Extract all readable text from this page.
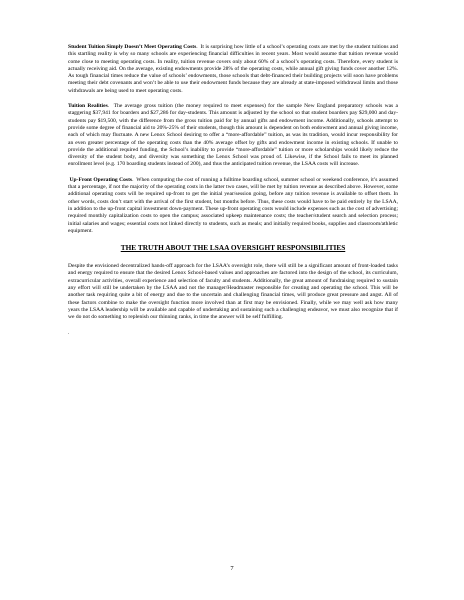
Student Tuition Simply Doesn’t Meet Operating Costs.  It is surprising how little of a school’s operating costs are met by the student tuitions and this startling reality is why so many schools are experiencing financial difficulties in recent years. Most would assume that tuition revenue would come close to meeting operating costs. In reality, tuition revenue covers only about 60% of a school’s operating costs. Therefore, every student is actually receiving aid. On the average, existing endowments provide 28% of the operating costs, while annual gift giving funds cover another 12%. As tough financial times reduce the value of schools’ endowments, those schools that debt-financed their building projects will soon have problems meeting their debt covenants and won’t be able to use their endowment funds because they are already at state-imposed withdrawal limits and those withdrawals are being used to meet operating costs.

Tuition Realities.  The average gross tuition (the money required to meet expenses) for the sample New England preparatory schools was a staggering $37,941 for boarders and $27,286 for day-students. This amount is adjusted by the school so that student boarders pay $29,000 and day-students pay $19,500, with the difference from the gross tuition paid for by annual gifts and endowment income. Additionally, schools attempt to provide some degree of financial aid to 20%-25% of their students, though this amount is dependent on both endowment and annual giving income, each of which may fluctuate. A new Lenox School desiring to offer a “more-affordable” tuition, as was its tradition, would incur responsibility for an even greater percentage of the operating costs than the 40% average offset by gifts and endowment income in existing schools. If unable to provide the additional required funding, the School’s inability to provide “more-affordable” tuition or more scholarships would likely reduce the diversity of the student body, and diversity was something the Lenox School was proud of. Likewise, if the School fails to meet its planned enrollment level (e.g. 170 boarding students instead of 200), and thus the anticipated tuition revenue, the LSAA costs will increase.

Up-Front Operating Costs.  When computing the cost of running a fulltime boarding school, summer school or weekend conference, it’s assumed that a percentage, if not the majority of the operating costs in the latter two cases, will be met by tuition revenue as described above. However, some additional operating costs will be required up-front to get the initial year/session going, before any tuition revenue is available to offset them. In other words, costs don’t start with the arrival of the first student, but months before. Thus, these costs would have to be paid entirely by the LSAA, in addition to the up-front capital investment down-payment. These up-front operating costs would include expenses such as the cost of advertising; required monthly capitalization costs to open the campus; associated upkeep maintenance costs; the teacher/student search and selection process; initial salaries and wages; essential costs not linked directly to students, such as meals; and initially required books, supplies and classroom/athletic equipment.

THE TRUTH ABOUT THE LSAA OVERSIGHT RESPONSIBILITIES

Despite the envisioned decentralized hands-off approach for the LSAA’s oversight role, there will still be a significant amount of front-loaded tasks and energy required to ensure that the desired Lenox School-based values and approaches are factored into the design of the school, its curriculum, extracurricular activities, overall experience and selection of faculty and students. Additionally, the great amount of fundraising required to sustain any effort will still be undertaken by the LSAA and not the manager/Headmaster responsible for creating and operating the school. This will be another task requiring quite a bit of energy and due to the uncertain and challenging financial times, will produce great pressure and angst. All of these factors combine to make the oversight function more involved than at first may be envisioned. Finally, while we may well ask how many years the LSAA leadership will be available and capable of undertaking and sustaining such a challenging endeavor, we must also recognize that if we do not do something to replenish our thinning ranks, in time the answer will be self fulfilling.

.

7
